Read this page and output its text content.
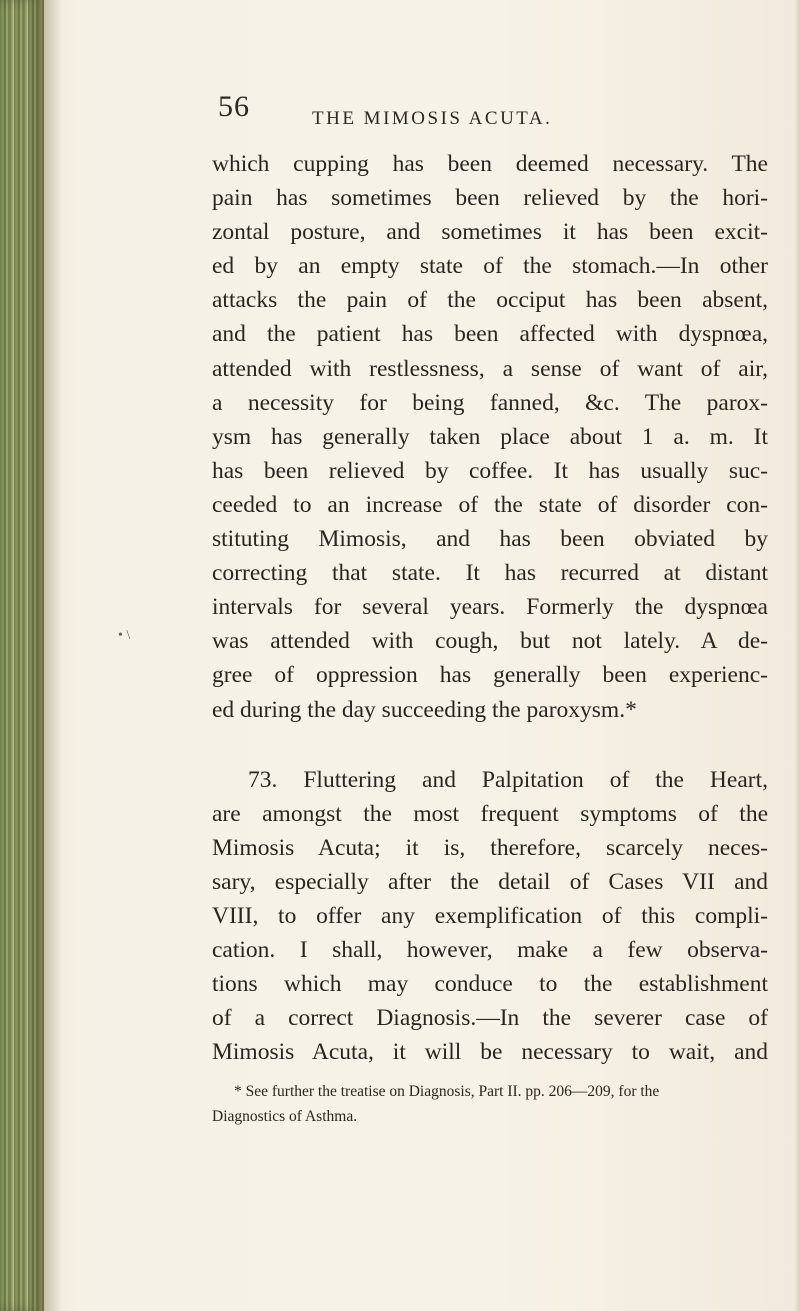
56	THE MIMOSIS ACUTA.
• \
which cupping has been deemed necessary. The
pain has sometimes been relieved by the hori-
zontal posture, and sometimes it has been excit-
ed by an empty state of the stomach.—In other
attacks the pain of the occiput has been absent,
and the patient has been affected with dyspnœa,
attended with restlessness, a sense of want of air,
a necessity for being fanned, &c. The parox-
ysm has generally taken place about 1 a. m. It
has been relieved by coffee. It has usually suc-
ceeded to an increase of the state of disorder con-
stituting Mimosis, and has been obviated by
correcting that state. It has recurred at distant
intervals for several years. Formerly the dyspnœa
was attended with cough, but not lately. A de-
gree of oppression has generally been experienc-
ed during the day succeeding the paroxysm.*
73. Fluttering and Palpitation of the Heart,
are amongst the most frequent symptoms of the
Mimosis Acuta; it is, therefore, scarcely neces-
sary, especially after the detail of Cases VII and
VIII, to offer any exemplification of this compli-
cation. I shall, however, make a few observa-
tions which may conduce to the establishment
of a correct Diagnosis.—In the severer case of
Mimosis Acuta, it will be necessary to wait, and
* See further the treatise on Diagnosis, Part II. pp. 206—209, for the
Diagnostics of Asthma.
